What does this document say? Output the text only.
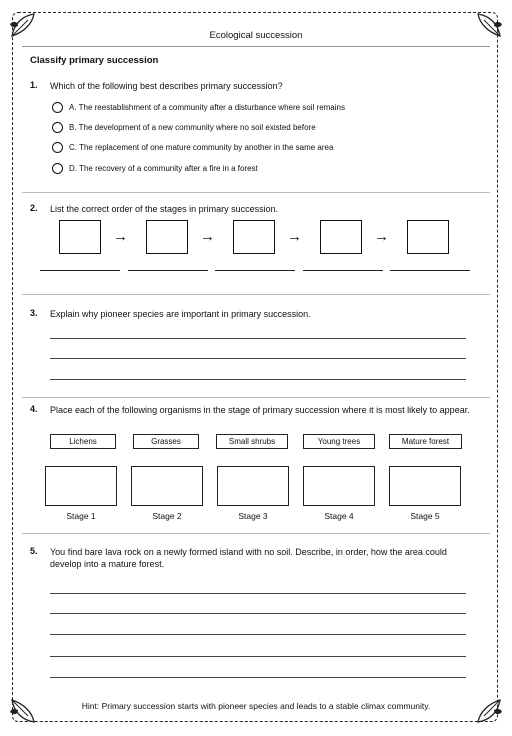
Ecological succession
Classify primary succession
1. Which of the following best describes primary succession?
A. The reestablishment of a community after a disturbance where soil remains
B. The development of a new community where no soil existed before
C. The replacement of one mature community by another in the same area
D. The recovery of a community after a fire in a forest
2. List the correct order of the stages in primary succession.
→	→	→	→
3. Explain why pioneer species are important in primary succession.
4. Place each of the following organisms in the stage of primary succession where it is most likely to appear.
Lichens	Grasses	Small shrubs	Young trees	Mature forest
Stage 1	Stage 2	Stage 3	Stage 4	Stage 5
5. You find bare lava rock on a newly formed island with no soil. Describe, in order, how the area could develop into a mature forest.
Hint: Primary succession starts with pioneer species and leads to a stable climax community.
